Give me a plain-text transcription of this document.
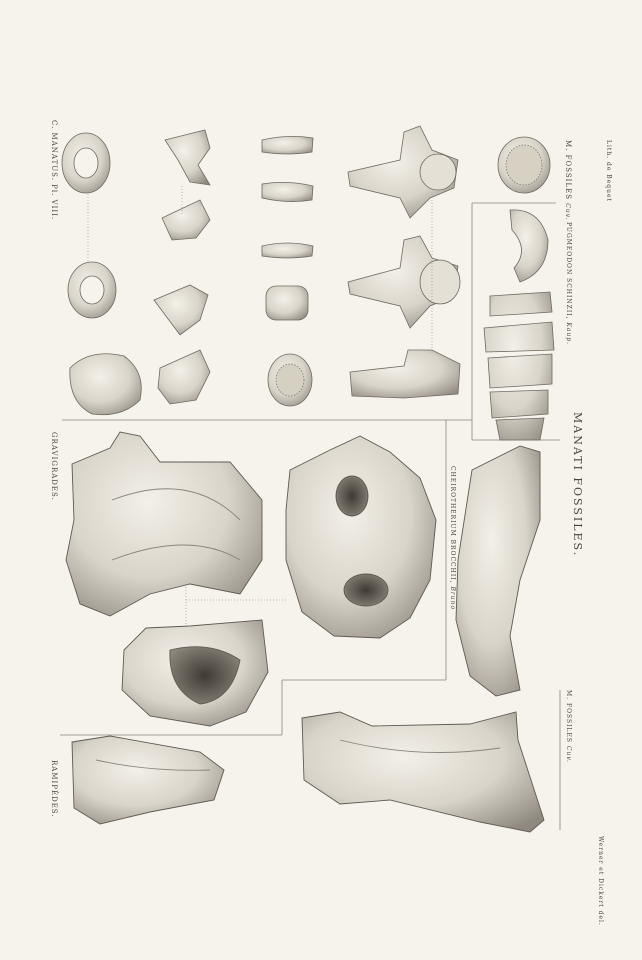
C. MANATUS. Pl. VIII.	M. FOSSILES Cuv.
Lith. de Bequet
PUGMEODON SCHINZII, Kaup.
MANATI FOSSILES.
M. FOSSILES Cuv.
CHEIROTHERIUM BROCCHII, Bruno
GRAVIGRADES.
RAMIPÈDES.
Werner et Dickert del.
